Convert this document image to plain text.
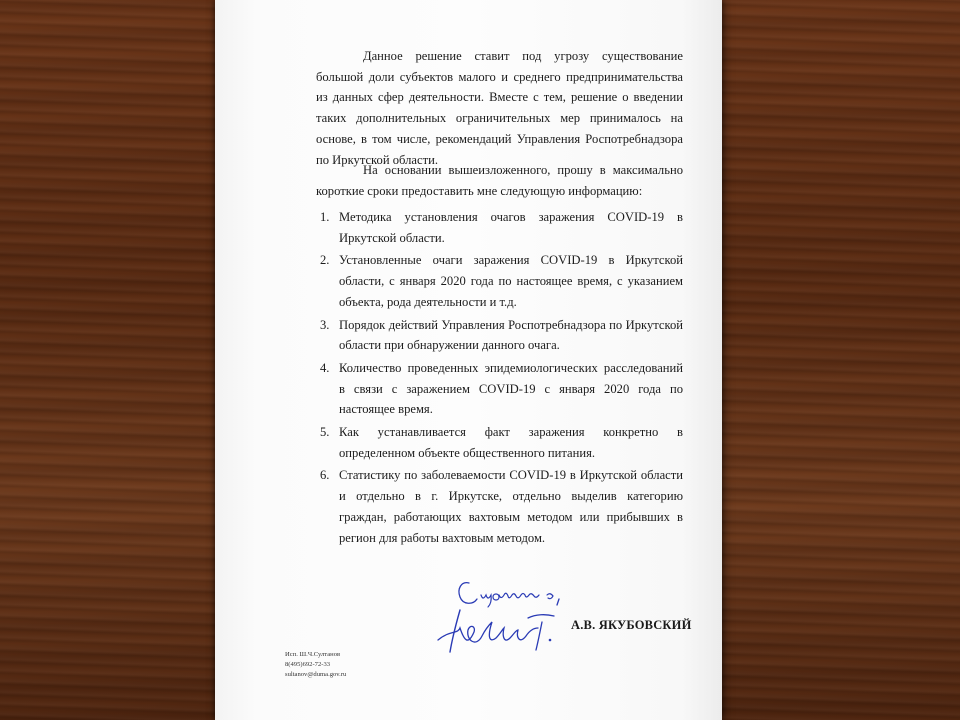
Данное решение ставит под угрозу существование большой доли субъектов малого и среднего предпринимательства из данных сфер деятельности. Вместе с тем, решение о введении таких дополнительных ограничительных мер принималось на основе, в том числе, рекомендаций Управления Роспотребнадзора по Иркутской области.
На основании вышеизложенного, прошу в максимально короткие сроки предоставить мне следующую информацию:
1. Методика установления очагов заражения COVID-19 в Иркутской области.
2. Установленные очаги заражения COVID-19 в Иркутской области, с января 2020 года по настоящее время, с указанием объекта, рода деятельности и т.д.
3. Порядок действий Управления Роспотребнадзора по Иркутской области при обнаружении данного очага.
4. Количество проведенных эпидемиологических расследований в связи с заражением COVID-19 с января 2020 года по настоящее время.
5. Как устанавливается факт заражения конкретно в определенном объекте общественного питания.
6. Статистику по заболеваемости COVID-19 в Иркутской области и отдельно в г. Иркутске, отдельно выделив категорию граждан, работающих вахтовым методом или прибывших в регион для работы вахтовым методом.
А.В. ЯКУБОВСКИЙ
Исп. Ш.Ч.Султанов
8(495)692-72-33
sultanov@duma.gov.ru
